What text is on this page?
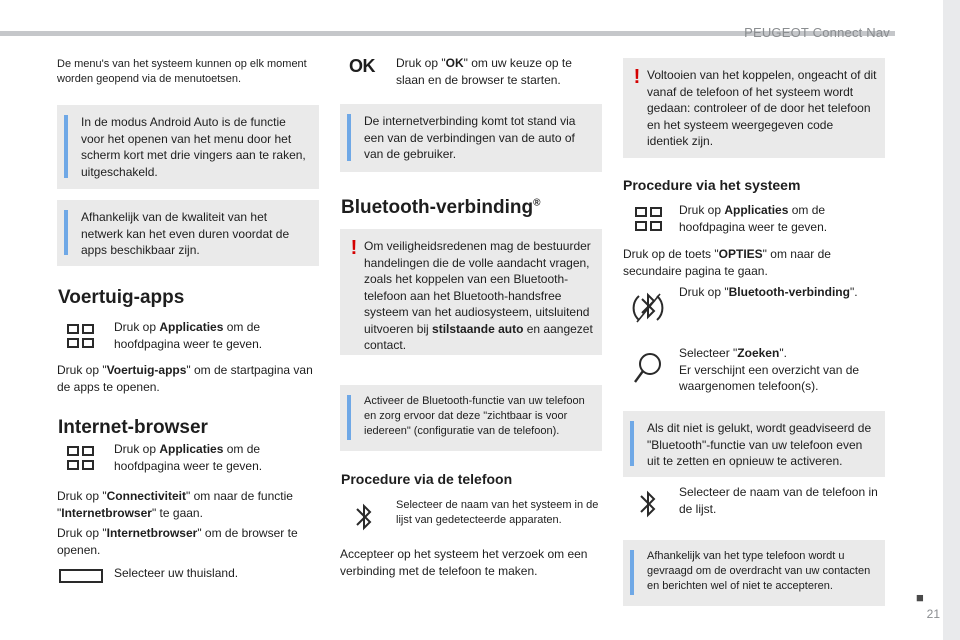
PEUGEOT Connect Nav
■
21

De menu's van het systeem kunnen op elk moment worden geopend via de menutoetsen.

In de modus Android Auto is de functie voor het openen van het menu door het scherm kort met drie vingers aan te raken, uitgeschakeld.

Afhankelijk van de kwaliteit van het netwerk kan het even duren voordat de apps beschikbaar zijn.

Voertuig-apps
Druk op Applicaties om de hoofdpagina weer te geven.

Druk op "Voertuig-apps" om de startpagina van de apps te openen.

Internet-browser
Druk op Applicaties om de hoofdpagina weer te geven.

Druk op "Connectiviteit" om naar de functie "Internetbrowser" te gaan.

Druk op "Internetbrowser" om de browser te openen.

Selecteer uw thuisland.
OK Druk op "OK" om uw keuze op te slaan en de browser te starten.

De internetverbinding komt tot stand via een van de verbindingen van de auto of van de gebruiker.

Bluetooth-verbinding®
! Om veiligheidsredenen mag de bestuurder handelingen die de volle aandacht vragen, zoals het koppelen van een Bluetooth-telefoon aan het Bluetooth-handsfree systeem van het audiosysteem, uitsluitend uitvoeren bij stilstaande auto en aangezet contact.

Activeer de Bluetooth-functie van uw telefoon en zorg ervoor dat deze "zichtbaar is voor iedereen" (configuratie van de telefoon).

Procedure via de telefoon
Selecteer de naam van het systeem in de lijst van gedetecteerde apparaten.

Accepteer op het systeem het verzoek om een verbinding met de telefoon te maken.

! Voltooien van het koppelen, ongeacht of dit vanaf de telefoon of het systeem wordt gedaan: controleer of de door het telefoon en het systeem weergegeven code identiek zijn.

Procedure via het systeem
Druk op Applicaties om de hoofdpagina weer te geven.

Druk op de toets "OPTIES" om naar de secundaire pagina te gaan.

Druk op "Bluetooth-verbinding".
Selecteer "Zoeken".
Er verschijnt een overzicht van de waargenomen telefoon(s).

Als dit niet is gelukt, wordt geadviseerd de "Bluetooth"-functie van uw telefoon even uit te zetten en opnieuw te activeren.

Selecteer de naam van de telefoon in de lijst.

Afhankelijk van het type telefoon wordt u gevraagd om de overdracht van uw contacten en berichten wel of niet te accepteren.
